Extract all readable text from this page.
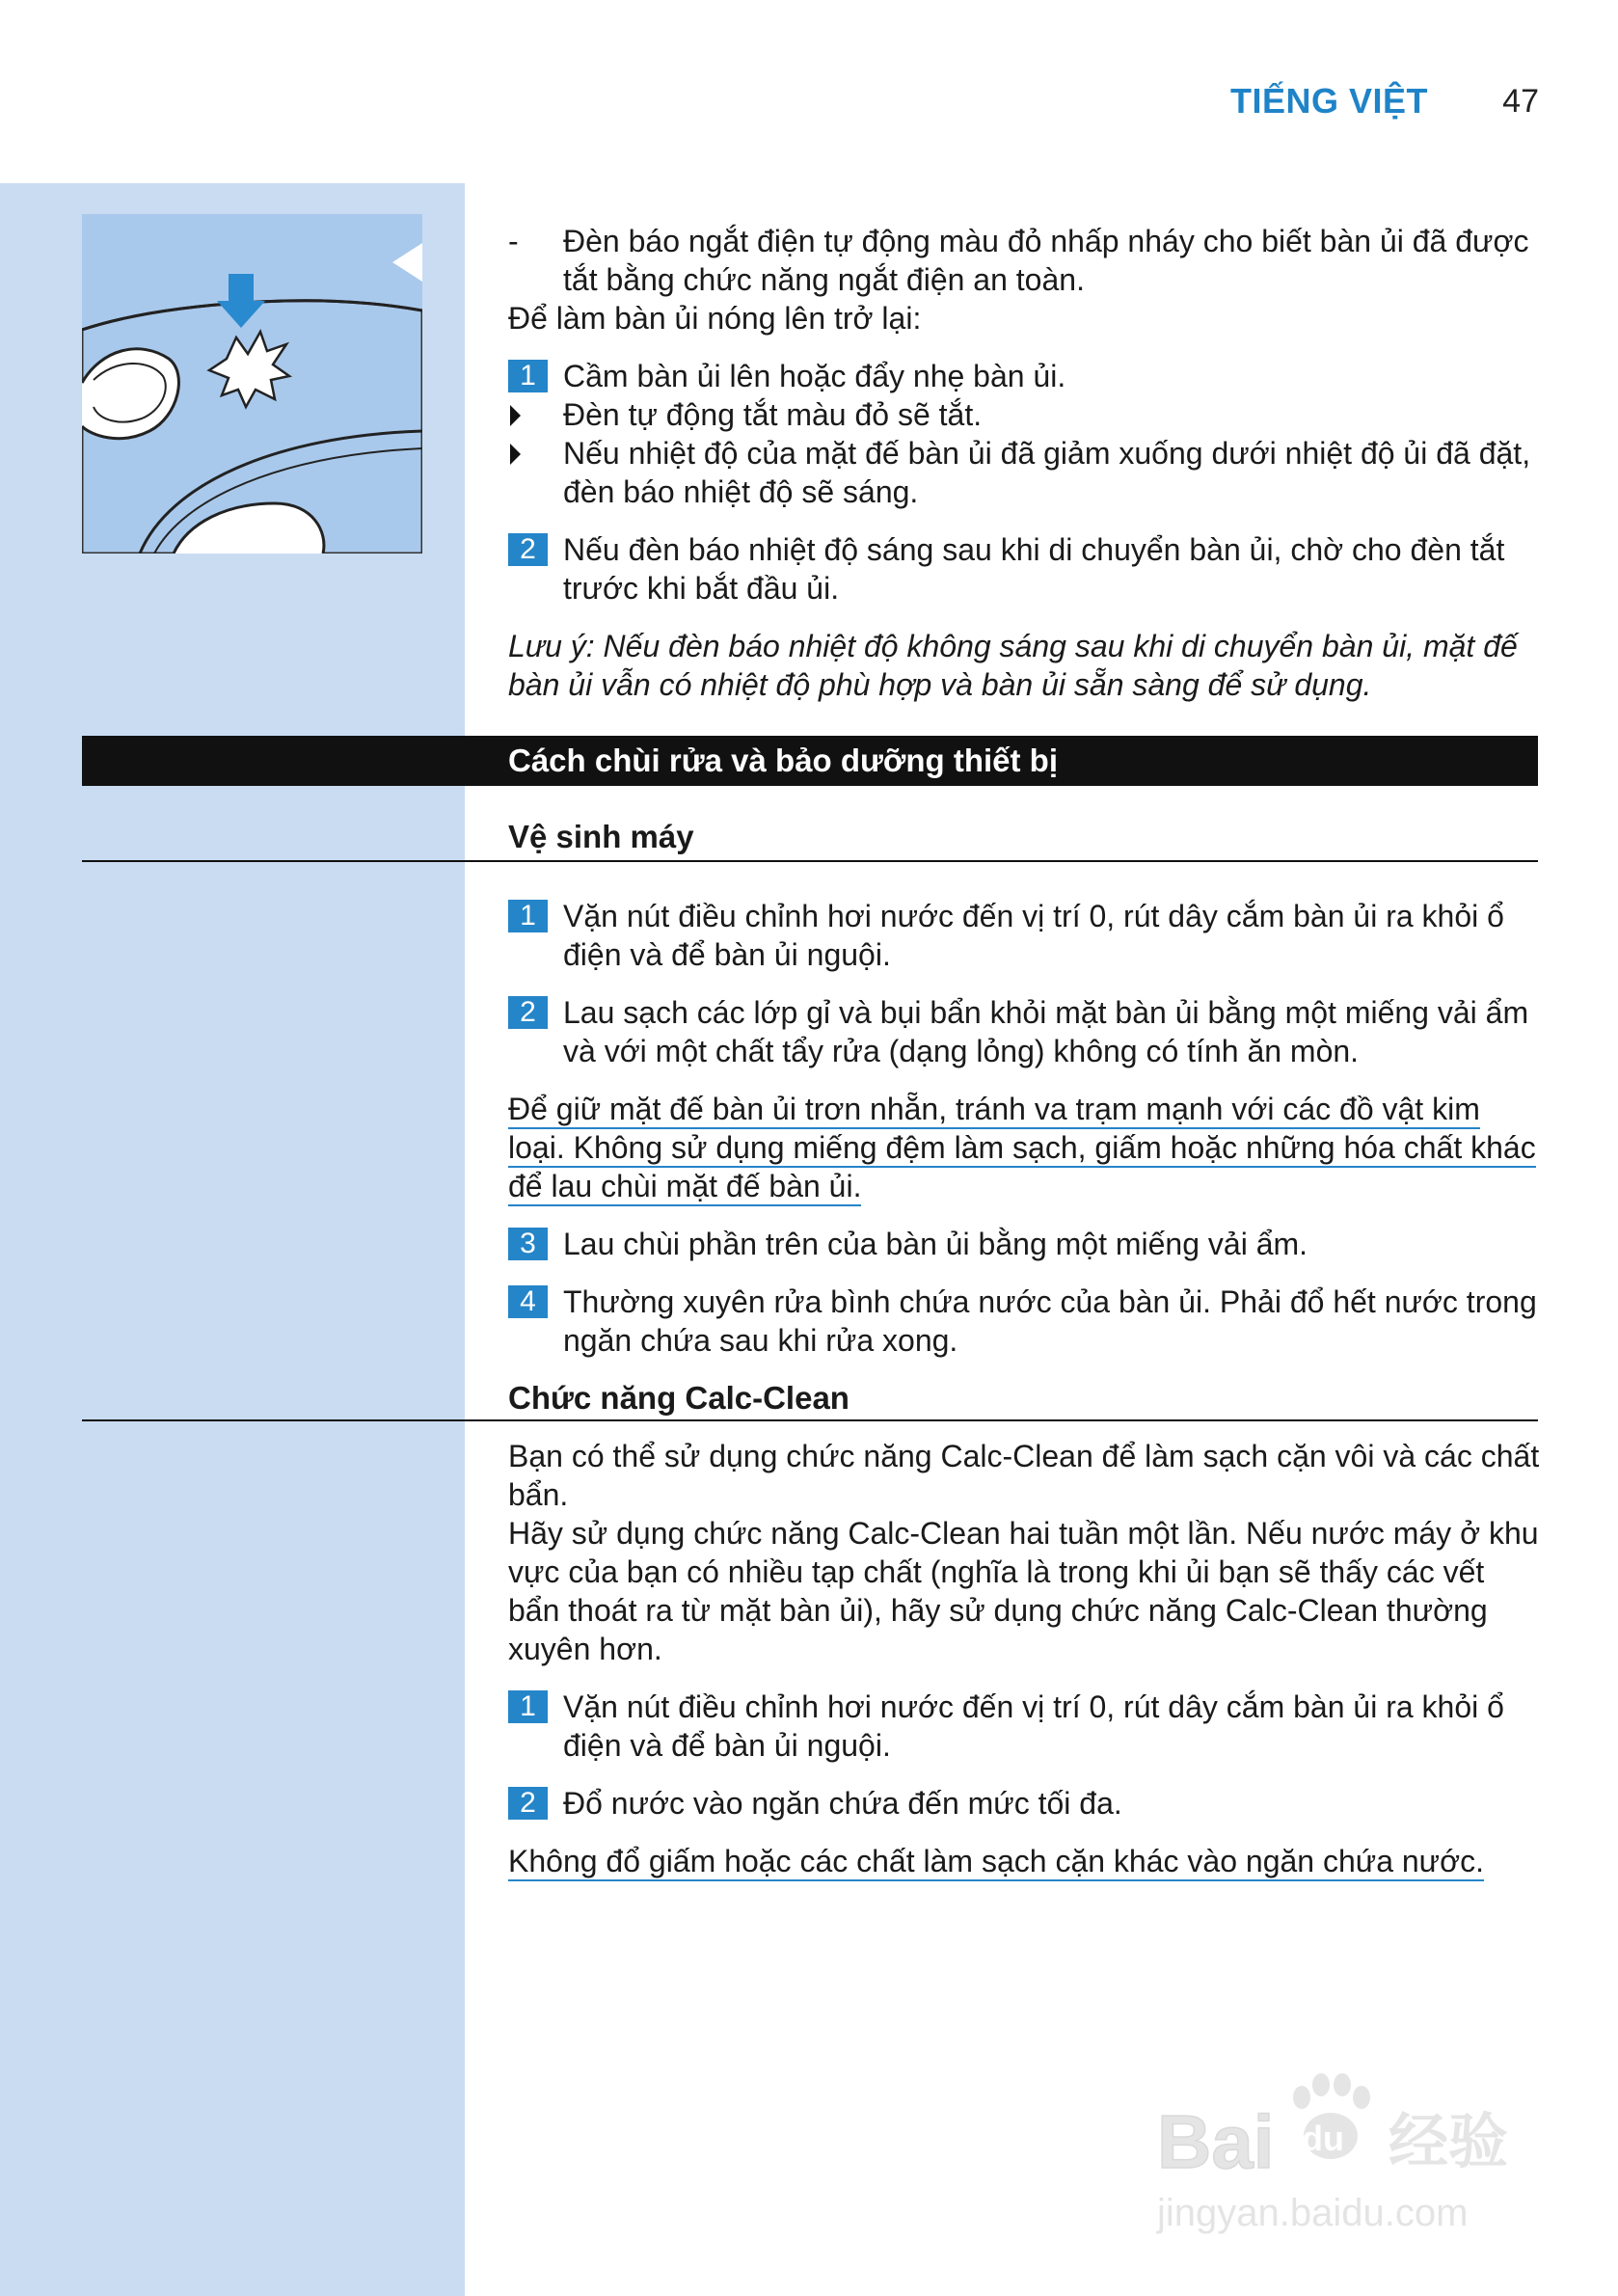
TIẾNG VIỆT 47
-	Đèn báo ngắt điện tự động màu đỏ nhấp nháy cho biết bàn ủi đã được tắt bằng chức năng ngắt điện an toàn.
Để làm bàn ủi nóng lên trở lại:
1 Cầm bàn ủi lên hoặc đẩy nhẹ bàn ủi.
Đèn tự động tắt màu đỏ sẽ tắt.
Nếu nhiệt độ của mặt đế bàn ủi đã giảm xuống dưới nhiệt độ ủi đã đặt, đèn báo nhiệt độ sẽ sáng.
2 Nếu đèn báo nhiệt độ sáng sau khi di chuyển bàn ủi, chờ cho đèn tắt trước khi bắt đầu ủi.
Lưu ý: Nếu đèn báo nhiệt độ không sáng sau khi di chuyển bàn ủi, mặt đế bàn ủi vẫn có nhiệt độ phù hợp và bàn ủi sẵn sàng để sử dụng.
Cách chùi rửa và bảo dưỡng thiết bị
Vệ sinh máy
1 Vặn nút điều chỉnh hơi nước đến vị trí 0, rút dây cắm bàn ủi ra khỏi ổ điện và để bàn ủi nguội.
2 Lau sạch các lớp gỉ và bụi bẩn khỏi mặt bàn ủi bằng một miếng vải ẩm và với một chất tẩy rửa (dạng lỏng) không có tính ăn mòn.
Để giữ mặt đế bàn ủi trơn nhẵn, tránh va trạm mạnh với các đồ vật kim loại. Không sử dụng miếng đệm làm sạch, giấm hoặc những hóa chất khác để lau chùi mặt đế bàn ủi.
3 Lau chùi phần trên của bàn ủi bằng một miếng vải ẩm.
4 Thường xuyên rửa bình chứa nước của bàn ủi. Phải đổ hết nước trong ngăn chứa sau khi rửa xong.
Chức năng Calc-Clean
Bạn có thể sử dụng chức năng Calc-Clean để làm sạch cặn vôi và các chất bẩn.
Hãy sử dụng chức năng Calc-Clean hai tuần một lần. Nếu nước máy ở khu vực của bạn có nhiều tạp chất (nghĩa là trong khi ủi bạn sẽ thấy các vết bẩn thoát ra từ mặt bàn ủi), hãy sử dụng chức năng Calc-Clean thường xuyên hơn.
1 Vặn nút điều chỉnh hơi nước đến vị trí 0, rút dây cắm bàn ủi ra khỏi ổ điện và để bàn ủi nguội.
2 Đổ nước vào ngăn chứa đến mức tối đa.
Không đổ giấm hoặc các chất làm sạch cặn khác vào ngăn chứa nước.
Bai du 经验
jingyan.baidu.com
